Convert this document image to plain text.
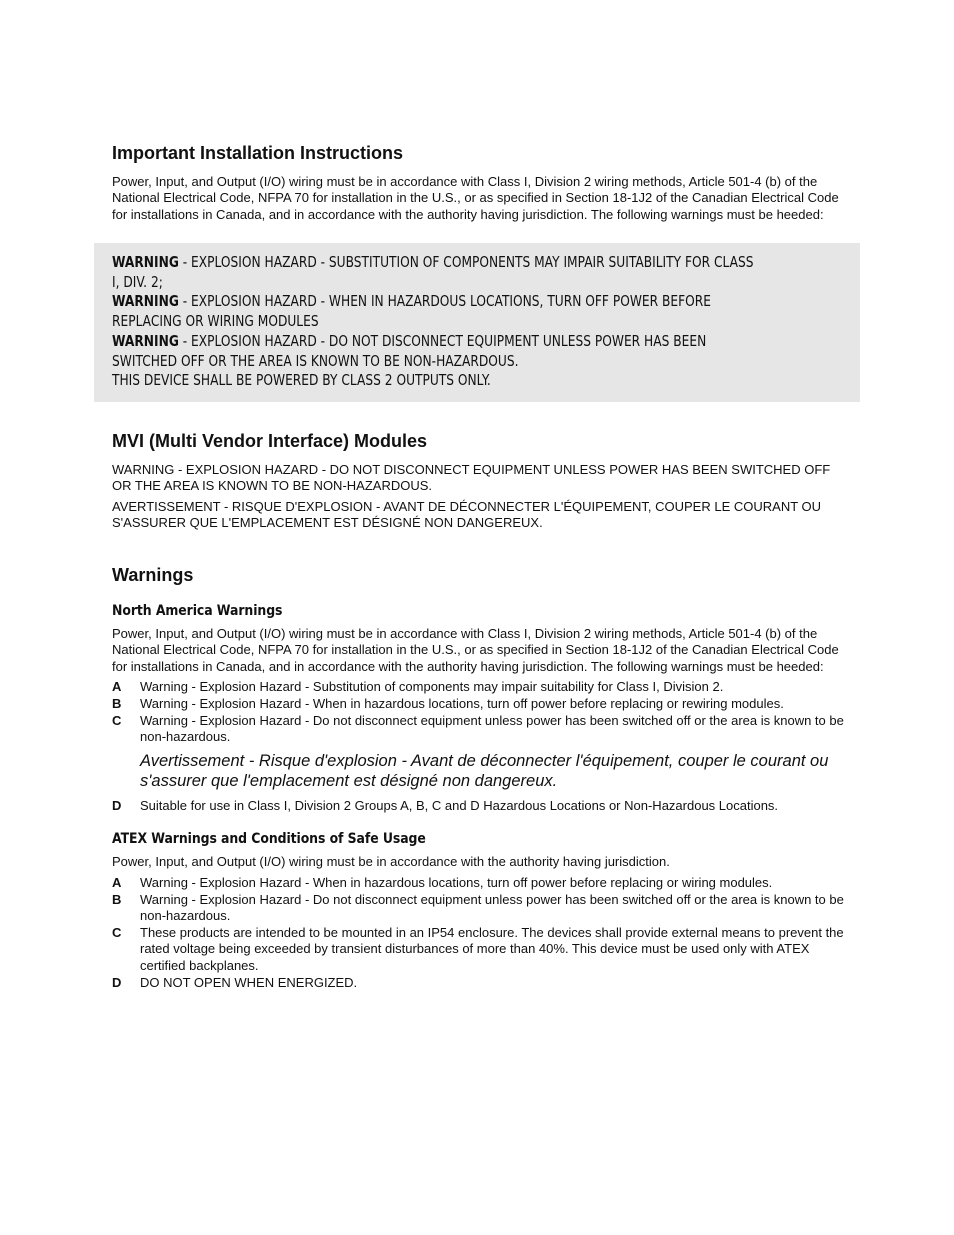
Important Installation Instructions

Power, Input, and Output (I/O) wiring must be in accordance with Class I, Division 2 wiring methods, Article 501-4 (b) of the National Electrical Code, NFPA 70 for installation in the U.S., or as specified in Section 18-1J2 of the Canadian Electrical Code for installations in Canada, and in accordance with the authority having jurisdiction. The following warnings must be heeded:

WARNING - EXPLOSION HAZARD - SUBSTITUTION OF COMPONENTS MAY IMPAIR SUITABILITY FOR CLASS
I, DIV. 2;
WARNING - EXPLOSION HAZARD - WHEN IN HAZARDOUS LOCATIONS, TURN OFF POWER BEFORE
REPLACING OR WIRING MODULES
WARNING - EXPLOSION HAZARD - DO NOT DISCONNECT EQUIPMENT UNLESS POWER HAS BEEN
SWITCHED OFF OR THE AREA IS KNOWN TO BE NON-HAZARDOUS.
THIS DEVICE SHALL BE POWERED BY CLASS 2 OUTPUTS ONLY.
MVI (Multi Vendor Interface) Modules

WARNING - EXPLOSION HAZARD - DO NOT DISCONNECT EQUIPMENT UNLESS POWER HAS BEEN SWITCHED OFF OR THE AREA IS KNOWN TO BE NON-HAZARDOUS.

AVERTISSEMENT - RISQUE D'EXPLOSION - AVANT DE DÉCONNECTER L'ÉQUIPEMENT, COUPER LE COURANT OU S'ASSURER QUE L'EMPLACEMENT EST DÉSIGNÉ NON DANGEREUX.

Warnings
North America Warnings

Power, Input, and Output (I/O) wiring must be in accordance with Class I, Division 2 wiring methods, Article 501-4 (b) of the National Electrical Code, NFPA 70 for installation in the U.S., or as specified in Section 18-1J2 of the Canadian Electrical Code for installations in Canada, and in accordance with the authority having jurisdiction. The following warnings must be heeded:

A Warning - Explosion Hazard - Substitution of components may impair suitability for Class I, Division 2.
B Warning - Explosion Hazard - When in hazardous locations, turn off power before replacing or rewiring modules.
C Warning - Explosion Hazard - Do not disconnect equipment unless power has been switched off or the area is known to be non-hazardous.

Avertissement - Risque d'explosion - Avant de déconnecter l'équipement, couper le courant ou s'assurer que l'emplacement est désigné non dangereux.

D Suitable for use in Class I, Division 2 Groups A, B, C and D Hazardous Locations or Non-Hazardous Locations.
ATEX Warnings and Conditions of Safe Usage

Power, Input, and Output (I/O) wiring must be in accordance with the authority having jurisdiction.

A Warning - Explosion Hazard - When in hazardous locations, turn off power before replacing or wiring modules.
B Warning - Explosion Hazard - Do not disconnect equipment unless power has been switched off or the area is known to be non-hazardous.
C These products are intended to be mounted in an IP54 enclosure. The devices shall provide external means to prevent the rated voltage being exceeded by transient disturbances of more than 40%. This device must be used only with ATEX certified backplanes.
D DO NOT OPEN WHEN ENERGIZED.
